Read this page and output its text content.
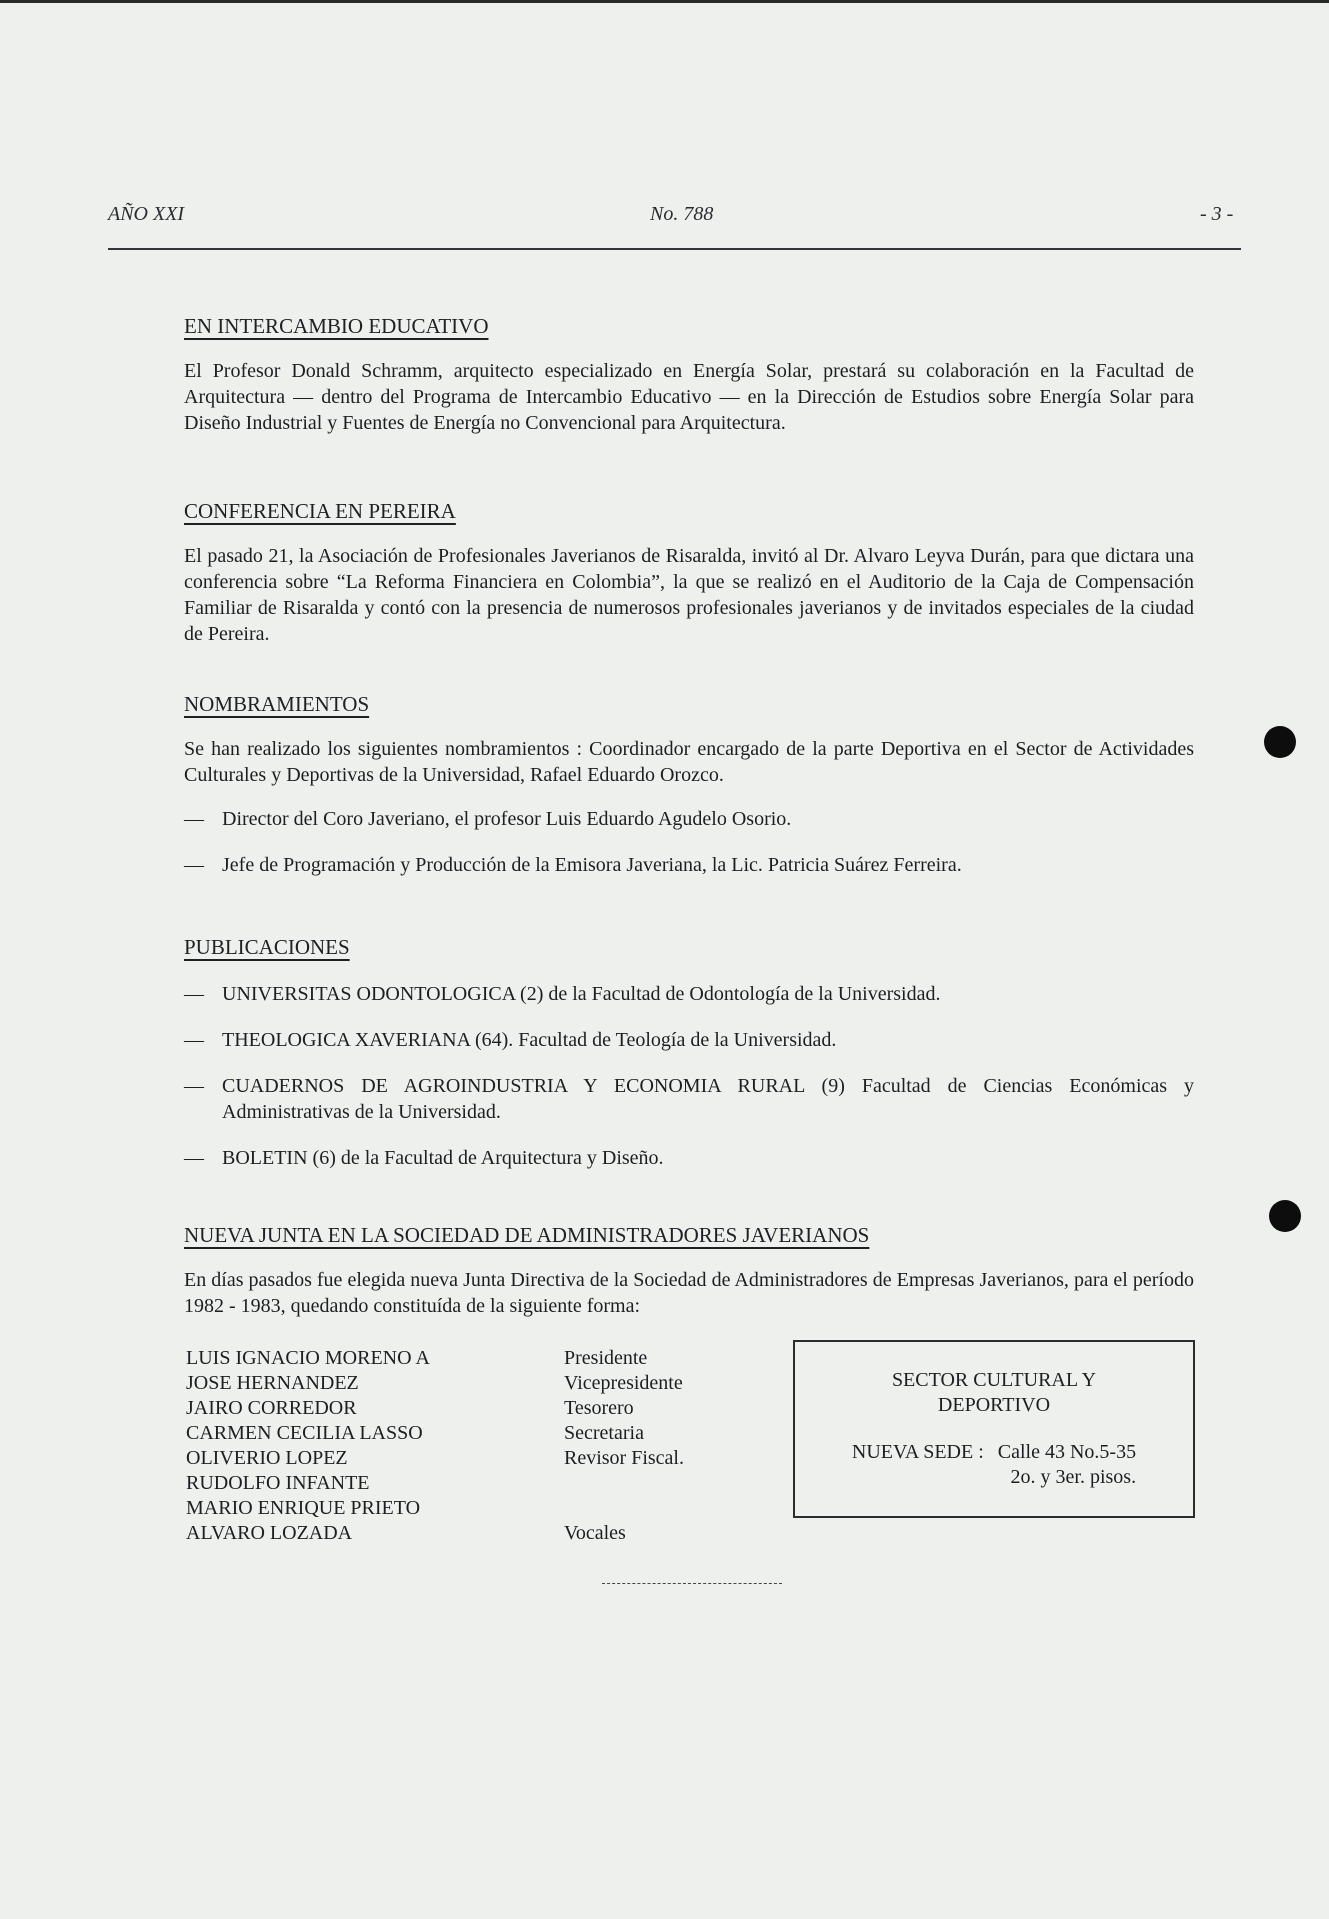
AÑO XXI	No. 788	- 3 -
EN INTERCAMBIO EDUCATIVO

El Profesor Donald Schramm, arquitecto especializado en Energía Solar, prestará su colaboración en la Facultad de Arquitectura — dentro del Programa de Intercambio Educativo — en la Dirección de Estudios sobre Energía Solar para Diseño Industrial y Fuentes de Energía no Convencional para Arquitectura.

CONFERENCIA EN PEREIRA

El pasado 21, la Asociación de Profesionales Javerianos de Risaralda, invitó al Dr. Alvaro Leyva Durán, para que dictara una conferencia sobre “La Reforma Financiera en Colombia”, la que se realizó en el Auditorio de la Caja de Compensación Familiar de Risaralda y contó con la presencia de numerosos profesionales javerianos y de invitados especiales de la ciudad de Pereira.

NOMBRAMIENTOS

Se han realizado los siguientes nombramientos : Coordinador encargado de la parte Deportiva en el Sector de Actividades Culturales y Deportivas de la Universidad, Rafael Eduardo Orozco.

— Director del Coro Javeriano, el profesor Luis Eduardo Agudelo Osorio.
— Jefe de Programación y Producción de la Emisora Javeriana, la Lic. Patricia Suárez Ferreira.
PUBLICACIONES
— UNIVERSITAS ODONTOLOGICA (2) de la Facultad de Odontología de la Universidad.
— THEOLOGICA XAVERIANA (64). Facultad de Teología de la Universidad.
— CUADERNOS DE AGROINDUSTRIA Y ECONOMIA RURAL (9) Facultad de Ciencias Económicas y Administrativas de la Universidad.
— BOLETIN (6) de la Facultad de Arquitectura y Diseño.
NUEVA JUNTA EN LA SOCIEDAD DE ADMINISTRADORES JAVERIANOS

En días pasados fue elegida nueva Junta Directiva de la Sociedad de Administradores de Empresas Javerianos, para el período 1982 - 1983, quedando constituída de la siguiente forma:

LUIS IGNACIO MORENO A	Presidente
JOSE HERNANDEZ	Vicepresidente
JAIRO CORREDOR	Tesorero
CARMEN CECILIA LASSO	Secretaria
OLIVERIO LOPEZ	Revisor Fiscal.
RUDOLFO INFANTE
MARIO ENRIQUE PRIETO
ALVARO LOZADA	Vocales
SECTOR CULTURAL Y
DEPORTIVO
NUEVA SEDE : Calle 43 No.5-35
2o. y 3er. pisos.
